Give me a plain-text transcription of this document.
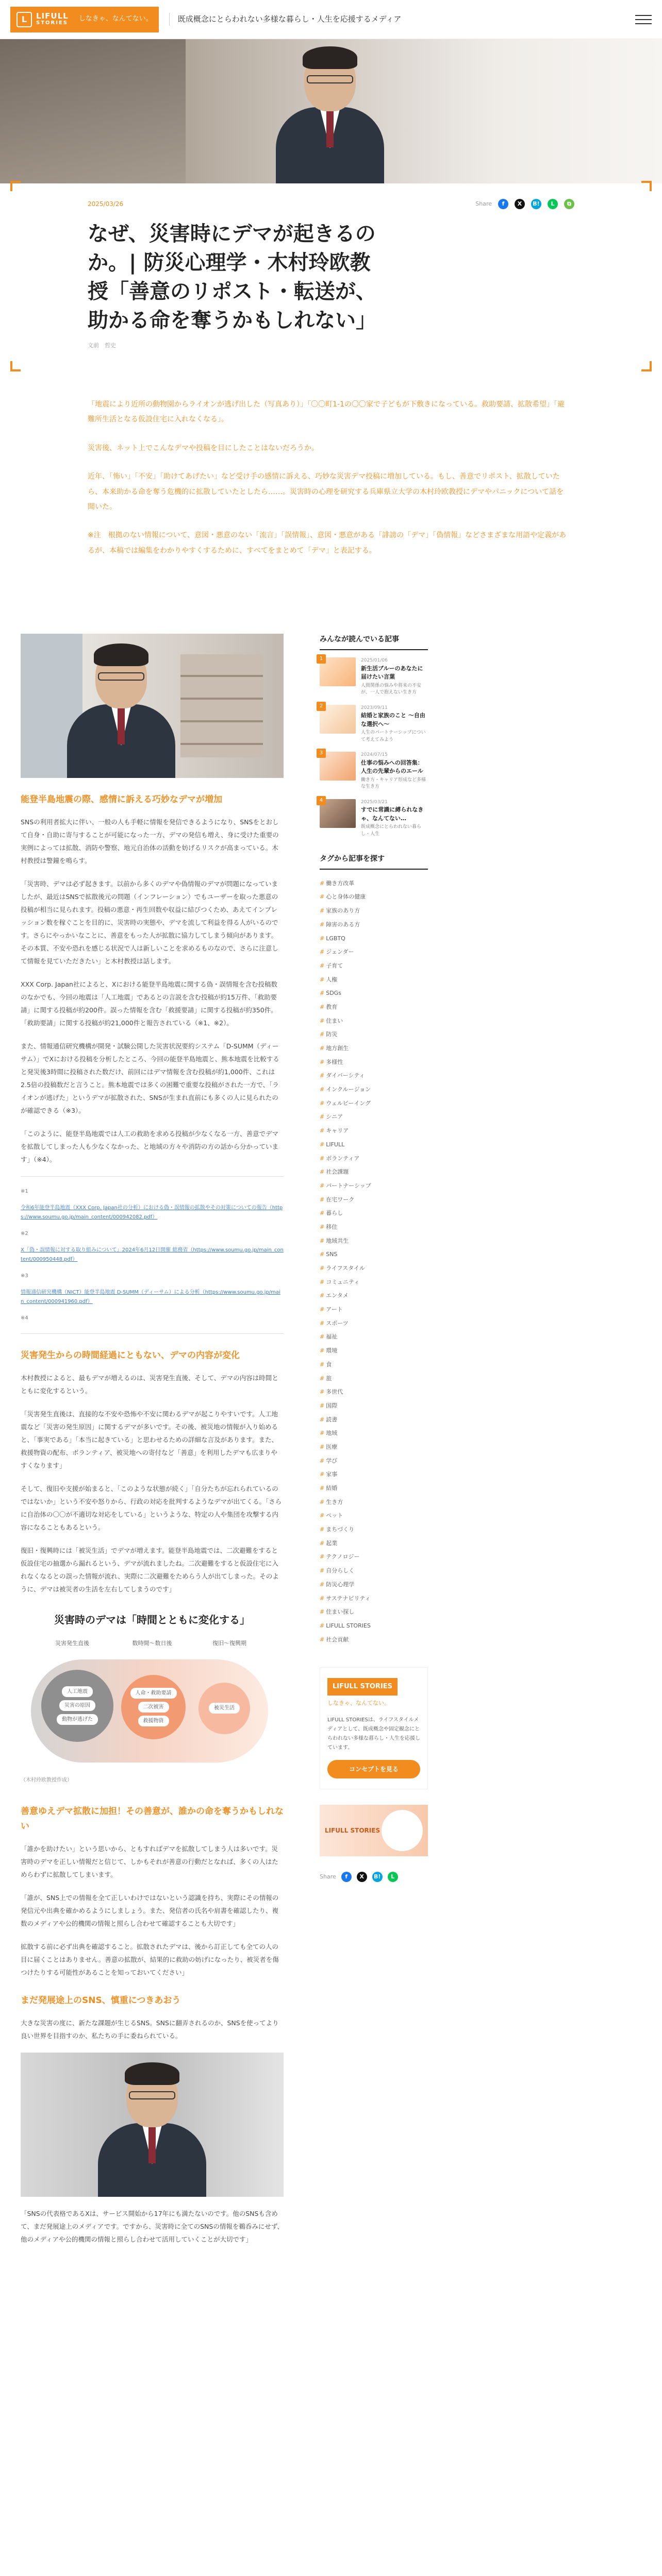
L	LIFULL
STORIES
しなきゃ、なんてない。	既成概念にとらわれない多様な暮らし・人生を応援するメディア
2025/03/26	Share	f	X	B!	L	⧉
なぜ、災害時にデマが起きるのか。| 防災心理学・木村玲欧教授「善意のリポスト・転送が、助かる命を奪うかもしれない」
文前　哲史

「地震により近所の動物園からライオンが逃げ出した（写真あり）」「〇〇町1-1の〇〇家で子どもが下敷きになっている。救助要請、拡散希望」「避難所生活となる仮設住宅に入れなくなる」。

災害後、ネット上でこんなデマや投稿を目にしたことはないだろうか。

近年、「怖い」「不安」「助けてあげたい」など受け手の感情に訴える、巧妙な災害デマ投稿に増加している。もし、善意でリポスト、拡散していたら、本来助かる命を奪う危機的に拡散していたとしたら……。災害時の心理を研究する兵庫県立大学の木村玲欧教授にデマやパニックについて話を聞いた。

※注　根拠のない情報について、意図・悪意のない「流言」「誤情報」、意図・悪意がある「誹謗の「デマ」「偽情報」などさまざまな用語や定義があるが、本稿では編集をわかりやすくするために、すべてをまとめて「デマ」と表記する。

能登半島地震の際、感情に訴える巧妙なデマが増加

SNSの利用者拡大に伴い、一般の人も手軽に情報を発信できるようになり、SNSをとおして自身・自助に寄与することが可能になった一方、デマの発信も増え、身に受けた重要の実例によっては拡散、消防や警察、地元自治体の活動を妨げるリスクが高まっている。木村教授は警鐘を鳴らす。

「災害時、デマは必ず起きます。以前から多くのデマや偽情報のデマが問題になっていましたが、最近はSNSで拡散後元の問題（インフレーション）でもユーザーを取った悪意の投稿が相当に見られます。投稿の悪意・再生回数や収益に結びつくため、あえてインプレッション数を稼ぐことを目的に、災害時の実態や、デマを流して利益を得る人がいるのです。さらにやっかいなことに、善意をもった人が拡散に協力してしまう傾向があります。その本質、不安や恐れを感じる状況で人は新しいことを求めるものなので、さらに注意して情報を見ていただきたい」と木村教授は話します。

XXX Corp. Japan社によると、Xにおける能登半島地震に関する偽・誤情報を含む投稿数のなかでも、今回の地震は「人工地震」であるとの言説を含む投稿が約15万件、「救助要請」に関する投稿が約200件。誤った情報を含む「救援要請」に関する投稿が約350件。「救助要請」に関する投稿が約21,000件と報告されている（※1、※2）。

また、情報通信研究機構が開発・試験公開した災害状況要約システム「D-SUMM（ディーサム）」でXにおける投稿を分析したところ、今回の能登半島地震と、熊本地震を比較すると発災後3時間に投稿された数だけ、前回にはデマ情報を含む投稿が約1,000件、これは2.5倍の投稿数だと言うこと。熊本地震では多くの困難で重要な投稿がされた一方で、「ライオンが逃げた」というデマが拡散された、SNSが生まれ直前にも多くの人に見られたのが確認できる（※3）。

「このように、能登半島地震では人工の救助を求める投稿が少なくなる一方、善意でデマを拡散してしまった人も少なくなかった、と地域の方々や消防の方の話から分かっています」（※4）。

※1

令和6年能登半島地震（XXX Corp. Japan社の分析）における偽・誤情報の拡散やその対策についての報告（https://www.soumu.go.jp/main_content/000942082.pdf）

※2

X「偽・誤情報に対する取り組みについて」2024年6月12日開催 総務省（https://www.soumu.go.jp/main_content/000950448.pdf）

※3

情報通信研究機構（NICT）能登半島地震 D-SUMM（ディーサム）による分析（https://www.soumu.go.jp/main_content/000941960.pdf）

※4

災害発生からの時間経過にともない、デマの内容が変化

木村教授によると、最もデマが増えるのは、災害発生直後、そして、デマの内容は時間とともに変化するという。

「災害発生直後は、直接的な不安や恐怖や不安に関わるデマが起こりやすいです。人工地震など「災害の発生原因」に関するデマが多いです。その後、被災地の情報が入り始めると、「事実である」「本当に起きている」と思わせるための詳細な言及があります。また、救援物資の配布、ボランティア、被災地への寄付など「善意」を利用したデマも広まりやすくなります」

そして、復旧や支援が始まると、「このような状態が続く」「自分たちが忘れられているのではないか」という不安や怒りから、行政の対応を批判するようなデマが出てくる。「さらに自治体の〇〇が不適切な対応をしている」というような、特定の人や集団を攻撃する内容になることもあるという。

復旧・復興時には「被災生活」でデマが増えます。能登半島地震では、二次避難をすると仮設住宅の抽選から漏れるという、デマが流れましたね。二次避難をすると仮設住宅に入れなくなるとの誤った情報が流れ、実際に二次避難をためらう人が出てしまった。そのように、デマは被災者の生活を左右してしまうのです」

災害時のデマは「時間とともに変化する」
災害発生直後	数時間〜数日後	復旧〜復興期
人工地震
災害の原因
動物が逃げた
人命・救助要請
二次被害
救援物資
被災生活
（木村玲欧教授作成）
善意ゆえデマ拡散に加担！その善意が、誰かの命を奪うかもしれない

「誰かを助けたい」という思いから、ともすればデマを拡散してしまう人は多いです。災害時のデマを正しい情報だと信じて、しかもそれが善意の行動だとなれば、多くの人はためらわずに拡散してしまいます。

「誰が、SNS上での情報を全て正しいわけではないという認識を持ち、実際にその情報の発信元や出典を確かめるようにしましょう。また、発信者の氏名や肩書を確認したり、複数のメディアや公的機関の情報と照らし合わせて確認することも大切です」

拡散する前に必ず出典を確認すること。拡散されたデマは、後から訂正しても全ての人の目に届くことはありません。善意の拡散が、結果的に救助の妨げになったり、被災者を傷つけたりする可能性があることを知っておいてください」

まだ発展途上のSNS、慎重につきあおう

大きな災害の度に、新たな課題が生じるSNS。SNSに翻弄されるのか、SNSを使ってより良い世界を目指すのか、私たちの手に委ねられている。

「SNSの代表格であるXは、サービス開始から17年にも満たないのです。他のSNSも含めて、まだ発展途上のメディアです。ですから、災害時に全てのSNSの情報を鵜呑みにせず、他のメディアや公的機関の情報と照らし合わせて活用していくことが大切です」

みんなが読んでいる記事
1	2025/01/06
新生活ブルーのあなたに届けたい言葉
人間関係の悩みや将来の不安が、一人で抱えない生き方
2	2023/09/11
結婚と家族のこと ～自由な選択へ～
人生のパートナーシップについて考えてみよう
3	2024/07/15
仕事の悩みへの回答集：人生の先輩からのエール
働き方・キャリア形成など多様な生き方
4	2025/03/21
すでに常識に縛られなきゃ、なんてない…
既成概念にとらわれない暮らし・人生
タグから記事を探す
# 働き方改革
# 心と身体の健康
# 家族のあり方
# 障害のある方
# LGBTQ
# ジェンダー
# 子育て
# 人権
# SDGs
# 教育
# 住まい
# 防災
# 地方創生
# 多様性
# ダイバーシティ
# インクルージョン
# ウェルビーイング
# シニア
# キャリア
# LIFULL
# ボランティア
# 社会課題
# パートナーシップ
# 在宅ワーク
# 暮らし
# 移住
# 地域共生
# SNS
# ライフスタイル
# コミュニティ
# エンタメ
# アート
# スポーツ
# 福祉
# 環境
# 食
# 旅
# 多世代
# 国際
# 読書
# 地域
# 医療
# 学び
# 家事
# 結婚
# 生き方
# ペット
# まちづくり
# 起業
# テクノロジー
# 自分らしく
# 防災心理学
# サステナビリティ
# 住まい探し
# LIFULL STORIES
# 社会貢献
LIFULL STORIES
しなきゃ、なんてない。

LIFULL STORIESは、ライフスタイルメディアとして、既成概念や固定観念にとらわれない多様な暮らし・人生を応援しています。

コンセプトを見る
LIFULL STORIES
Share	f	X	B!	L
